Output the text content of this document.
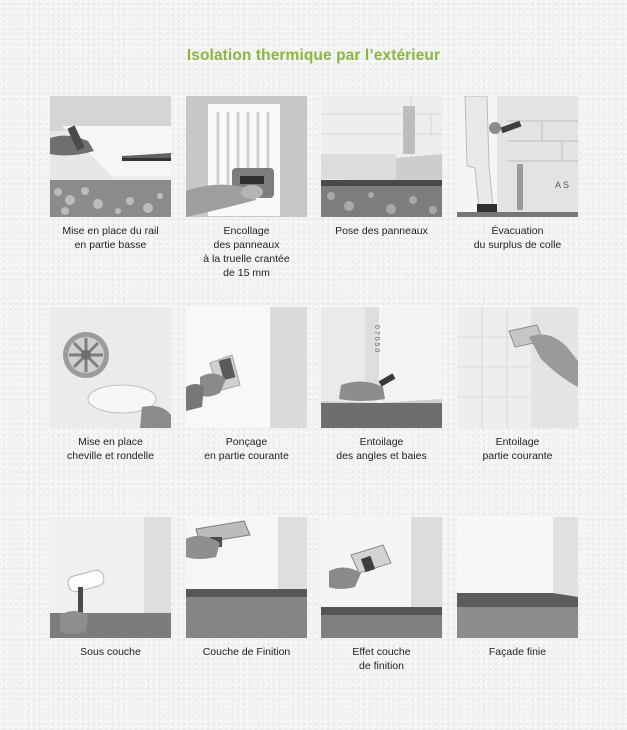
Isolation thermique par l’extérieur
Mise en place du rail
en partie basse
Encollage
des panneaux
à la truelle crantée
de 15 mm
Pose des panneaux
A S
Évacuation
du surplus de colle
Mise en place
cheville et rondelle
Ponçage
en partie courante
0 7 0 5 0
Entoilage
des angles et baies
Entoilage
partie courante
Sous couche	Couche de Finition	Effet couche
de finition
Façade finie
